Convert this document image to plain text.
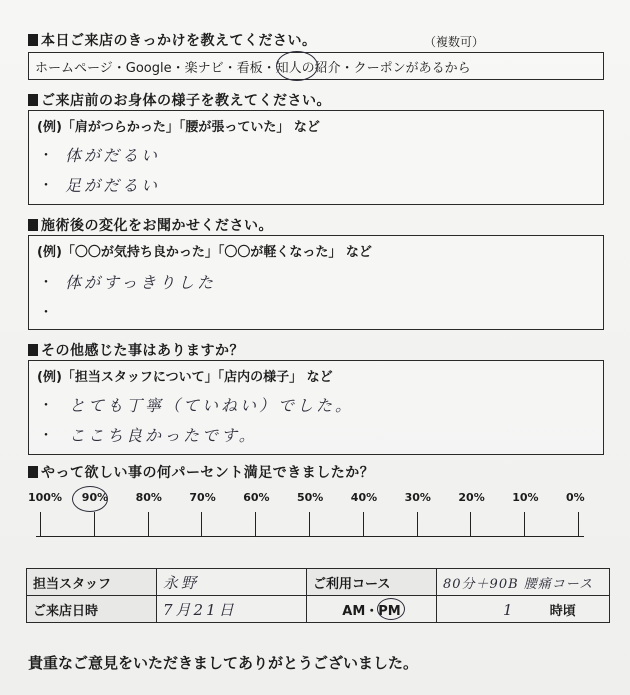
本日ご来店のきっかけを教えてください。	（複数可）
ホームページ・Google・楽ナビ・看板・知人の紹介・クーポンがあるから
ご来店前のお身体の様子を教えてください。
(例)「肩がつらかった」「腰が張っていた」 など
・ 体がだるい
・ 足がだるい
施術後の変化をお聞かせください。
(例)「〇〇が気持ち良かった」「〇〇が軽くなった」 など
・ 体がすっきりした
・
その他感じた事はありますか？
(例)「担当スタッフについて」「店内の様子」 など
・ とても丁寧（ていねい）でした。
・ ここち良かったです。
やって欲しい事の何パーセント満足できましたか？
100% 90% 80% 70% 60% 50% 40% 30% 20% 10% 0%
担当スタッフ	永野	ご利用コース	80分＋90B 腰痛コース
ご来店日時	7月21日	AM・PM	1 時頃
貴重なご意見をいただきましてありがとうございました。
